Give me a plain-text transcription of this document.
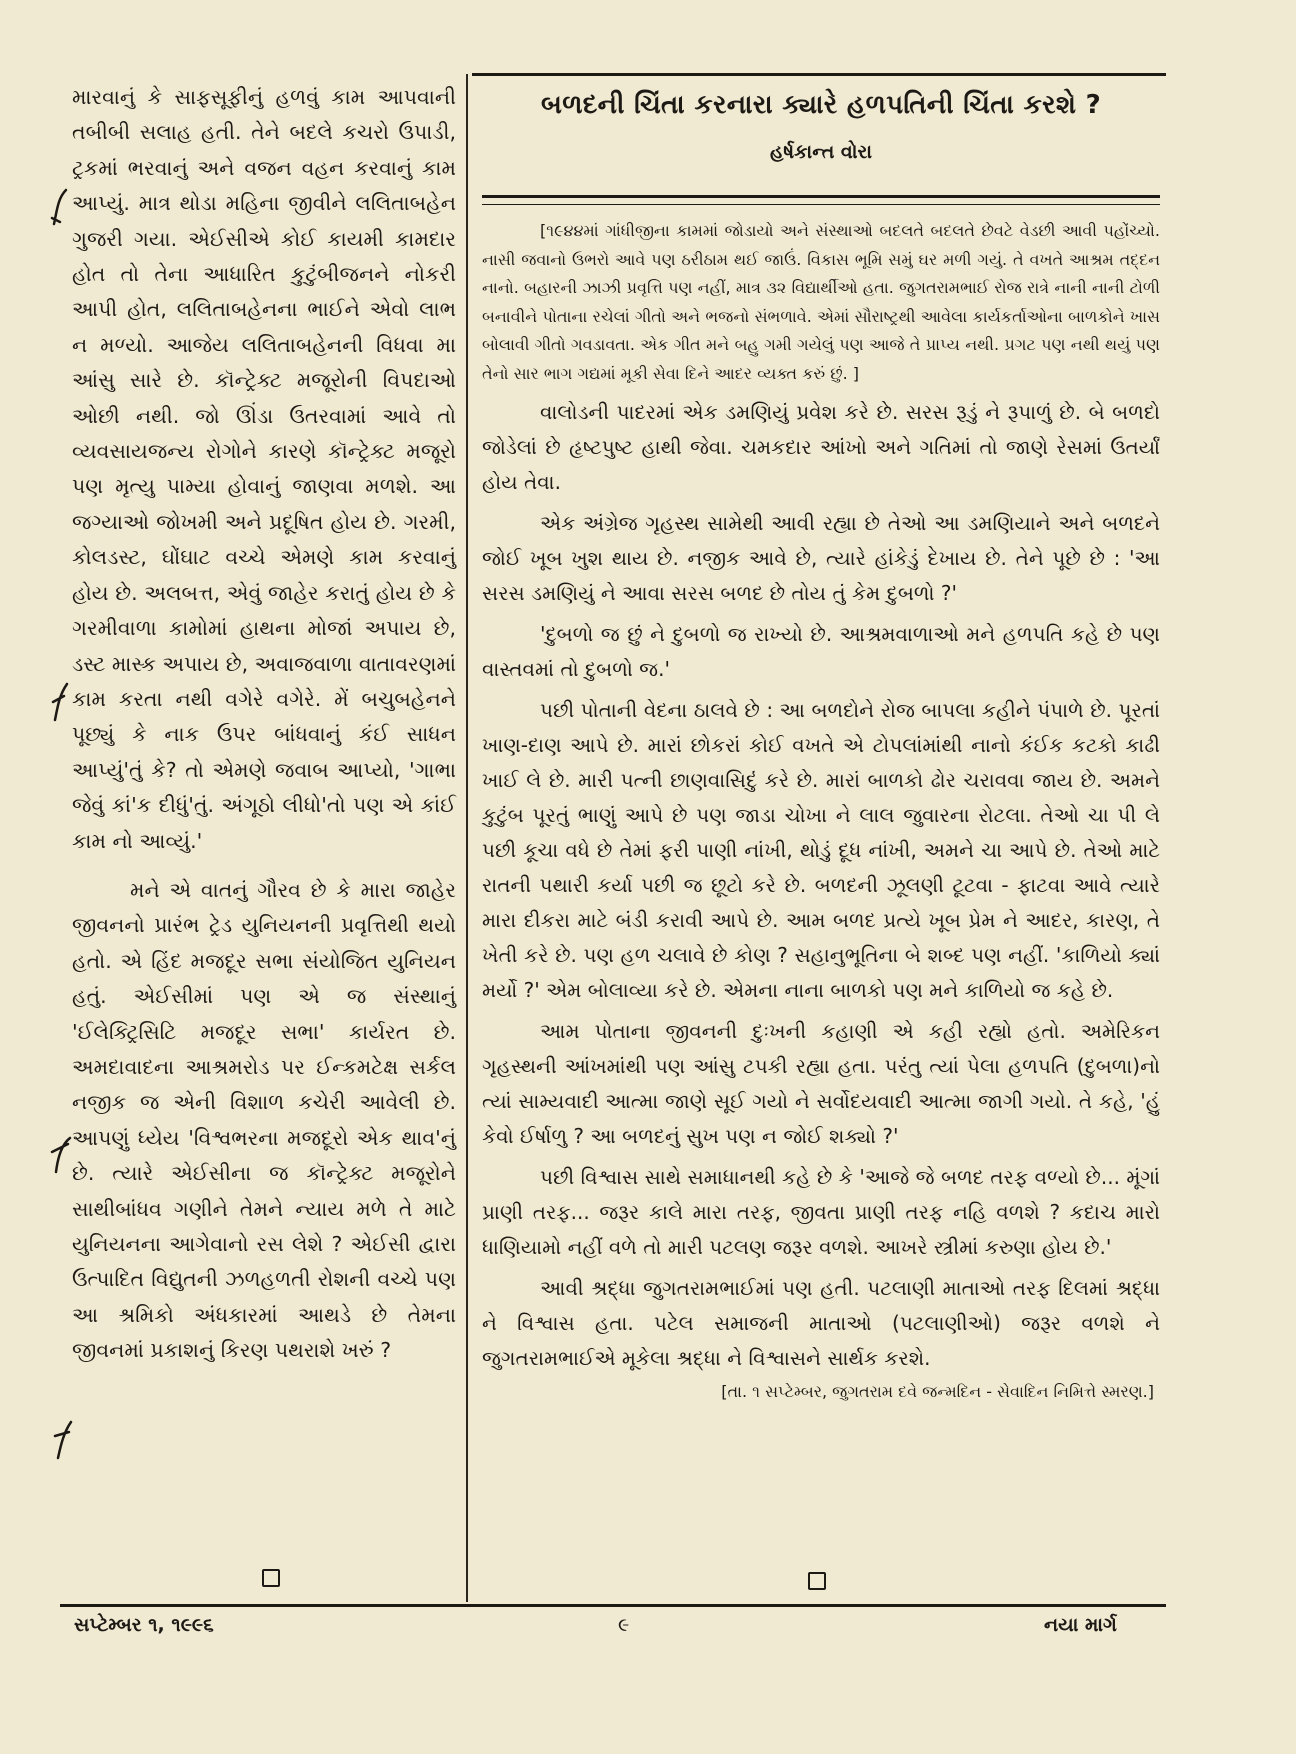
મારવાનું કે સાફસૂફીનું હળવું કામ આપવાની તબીબી સલાહ હતી. તેને બદલે કચરો ઉપાડી, ટ્રકમાં ભરવાનું અને વજન વહન કરવાનું કામ આપ્યું. માત્ર થોડા મહિના જીવીને લલિતાબહેન ગુજરી ગયા. એઈસીએ કોઈ કાયમી કામદાર હોત તો તેના આધારિત કુટુંબીજનને નોકરી આપી હોત, લલિતાબહેનના ભાઈને એવો લાભ ન મળ્યો. આજેય લલિતાબહેનની વિધવા મા આંસુ સારે છે. કૉન્ટ્રેક્ટ મજૂરોની વિપદાઓ ઓછી નથી. જો ઊંડા ઉતરવામાં આવે તો વ્યવસાયજન્ય રોગોને કારણે કૉન્ટ્રેક્ટ મજૂરો પણ મૃત્યુ પામ્યા હોવાનું જાણવા મળશે. આ જગ્યાઓ જોખમી અને પ્રદૂષિત હોય છે. ગરમી, કોલડસ્ટ, ઘોંઘાટ વચ્ચે એમણે કામ કરવાનું હોય છે. અલબત્ત, એવું જાહેર કરાતું હોય છે કે ગરમીવાળા કામોમાં હાથના મોજાં અપાય છે, ડસ્ટ માસ્ક અપાય છે, અવાજવાળા વાતાવરણમાં કામ કરતા નથી વગેરે વગેરે. મેં બચુબહેનને પૂછ્યું કે નાક ઉપર બાંધવાનું કંઈ સાધન આપ્યું'તું કે? તો એમણે જવાબ આપ્યો, 'ગાભા જેવું કાં'ક દીધું'તું. અંગૂઠો લીધો'તો પણ એ કાંઈ કામ નો આવ્યું.'

મને એ વાતનું ગૌરવ છે કે મારા જાહેર જીવનનો પ્રારંભ ટ્રેડ યુનિયનની પ્રવૃત્તિથી થયો હતો. એ હિંદ મજદૂર સભા સંયોજિત યુનિયન હતું. એઈસીમાં પણ એ જ સંસ્થાનું 'ઈલેક્ટ્રિસિટિ મજદૂર સભા' કાર્યરત છે. અમદાવાદના આશ્રમરોડ પર ઈન્કમટેક્ષ સર્કલ નજીક જ એની વિશાળ કચેરી આવેલી છે. આપણું ધ્યેય 'વિશ્વભરના મજદૂરો એક થાવ'નું છે. ત્યારે એઈસીના જ કૉન્ટ્રેક્ટ મજૂરોને સાથીબાંધવ ગણીને તેમને ન્યાય મળે તે માટે યુનિયનના આગેવાનો રસ લેશે ? એઈસી દ્વારા ઉત્પાદિત વિદ્યુતની ઝળહળતી રોશની વચ્ચે પણ આ શ્રમિકો અંધકારમાં આથડે છે તેમના જીવનમાં પ્રકાશનું કિરણ પથરાશે ખરું ?

બળદની ચિંતા કરનારા ક્યારે હળપતિની ચિંતા કરશે ?
હર્ષકાન્ત વોરા

[૧૯૪૪માં ગાંધીજીના કામમાં જોડાયો અને સંસ્થાઓ બદલતે બદલતે છેવટે વેડછી આવી પહોંચ્યો. નાસી જવાનો ઉભરો આવે પણ ઠરીઠામ થઈ જાઉં. વિકાસ ભૂમિ સમું ઘર મળી ગયું. તે વખતે આશ્રમ તદ્દન નાનો. બહારની ઝાઝી પ્રવૃત્તિ પણ નહીં, માત્ર ૩૨ વિદ્યાર્થીઓ હતા. જુગતરામભાઈ રોજ રાત્રે નાની નાની ટોળી બનાવીને પોતાના રચેલાં ગીતો અને ભજનો સંભળાવે. એમાં સૌરાષ્ટ્રથી આવેલા કાર્યકર્તાઓના બાળકોને ખાસ બોલાવી ગીતો ગવડાવતા. એક ગીત મને બહુ ગમી ગયેલું પણ આજે તે પ્રાપ્ય નથી. પ્રગટ પણ નથી થયું પણ તેનો સાર ભાગ ગદ્યમાં મૂકી સેવા દિને આદર વ્યક્ત કરું છું. ]

વાલોડની પાદરમાં એક ડમણિયું પ્રવેશ કરે છે. સરસ રૂડું ને રૂપાળું છે. બે બળદો જોડેલાં છે હૃષ્ટપુષ્ટ હાથી જેવા. ચમકદાર આંખો અને ગતિમાં તો જાણે રેસમાં ઉતર્યાં હોય તેવા.

એક અંગ્રેજ ગૃહસ્થ સામેથી આવી રહ્યા છે તેઓ આ ડમણિયાને અને બળદને જોઈ ખૂબ ખુશ થાય છે. નજીક આવે છે, ત્યારે હાંકેડું દેખાય છે. તેને પૂછે છે : 'આ સરસ ડમણિયું ને આવા સરસ બળદ છે તોય તું કેમ દુબળો ?'

'દુબળો જ છું ને દુબળો જ રાખ્યો છે. આશ્રમવાળાઓ મને હળપતિ કહે છે પણ વાસ્તવમાં તો દુબળો જ.'

પછી પોતાની વેદના ઠાલવે છે : આ બળદોને રોજ બાપલા કહીને પંપાળે છે. પૂરતાં ખાણ-દાણ આપે છે. મારાં છોકરાં કોઈ વખતે એ ટોપલાંમાંથી નાનો કંઈક કટકો કાઢી ખાઈ લે છે. મારી પત્ની છાણવાસિદું કરે છે. મારાં બાળકો ઢોર ચરાવવા જાય છે. અમને કુટુંબ પૂરતું ભાણું આપે છે પણ જાડા ચોખા ને લાલ જુવારના રોટલા. તેઓ ચા પી લે પછી કૂચા વધે છે તેમાં ફરી પાણી નાંખી, થોડું દૂધ નાંખી, અમને ચા આપે છે. તેઓ માટે રાતની પથારી કર્યા પછી જ છૂટો કરે છે. બળદની ઝૂલણી ટૂટવા - ફાટવા આવે ત્યારે મારા દીકરા માટે બંડી કરાવી આપે છે. આમ બળદ પ્રત્યે ખૂબ પ્રેમ ને આદર, કારણ, તે ખેતી કરે છે. પણ હળ ચલાવે છે કોણ ? સહાનુભૂતિના બે શબ્દ પણ નહીં. 'કાળિયો ક્યાં મર્યો ?' એમ બોલાવ્યા કરે છે. એમના નાના બાળકો પણ મને કાળિયો જ કહે છે.

આમ પોતાના જીવનની દુઃખની કહાણી એ કહી રહ્યો હતો. અમેરિકન ગૃહસ્થની આંખમાંથી પણ આંસુ ટપકી રહ્યા હતા. પરંતુ ત્યાં પેલા હળપતિ (દુબળા)નો ત્યાં સામ્યવાદી આત્મા જાણે સૂઈ ગયો ને સર્વોદયવાદી આત્મા જાગી ગયો. તે કહે, 'હું કેવો ઈર્ષાળુ ? આ બળદનું સુખ પણ ન જોઈ શક્યો ?'

પછી વિશ્વાસ સાથે સમાધાનથી કહે છે કે 'આજે જે બળદ તરફ વળ્યો છે... મૂંગાં પ્રાણી તરફ... જરૂર કાલે મારા તરફ, જીવતા પ્રાણી તરફ નહિ વળશે ? કદાચ મારો ધાણિયામો નહીં વળે તો મારી પટલણ જરૂર વળશે. આખરે સ્ત્રીમાં કરુણા હોય છે.'

આવી શ્રદ્ધા જુગતરામભાઈમાં પણ હતી. પટલાણી માતાઓ તરફ દિલમાં શ્રદ્ધા ને વિશ્વાસ હતા. પટેલ સમાજની માતાઓ (પટલાણીઓ) જરૂર વળશે ને જુગતરામભાઈએ મૂકેલા શ્રદ્ધા ને વિશ્વાસને સાર્થક કરશે.

[તા. ૧ સપ્ટેમ્બર, જુગતરામ દવે જન્મદિન - સેવાદિન નિમિત્તે સ્મરણ.]
સપ્ટેમ્બર ૧, ૧૯૯૬	૯	નયા માર્ગ
